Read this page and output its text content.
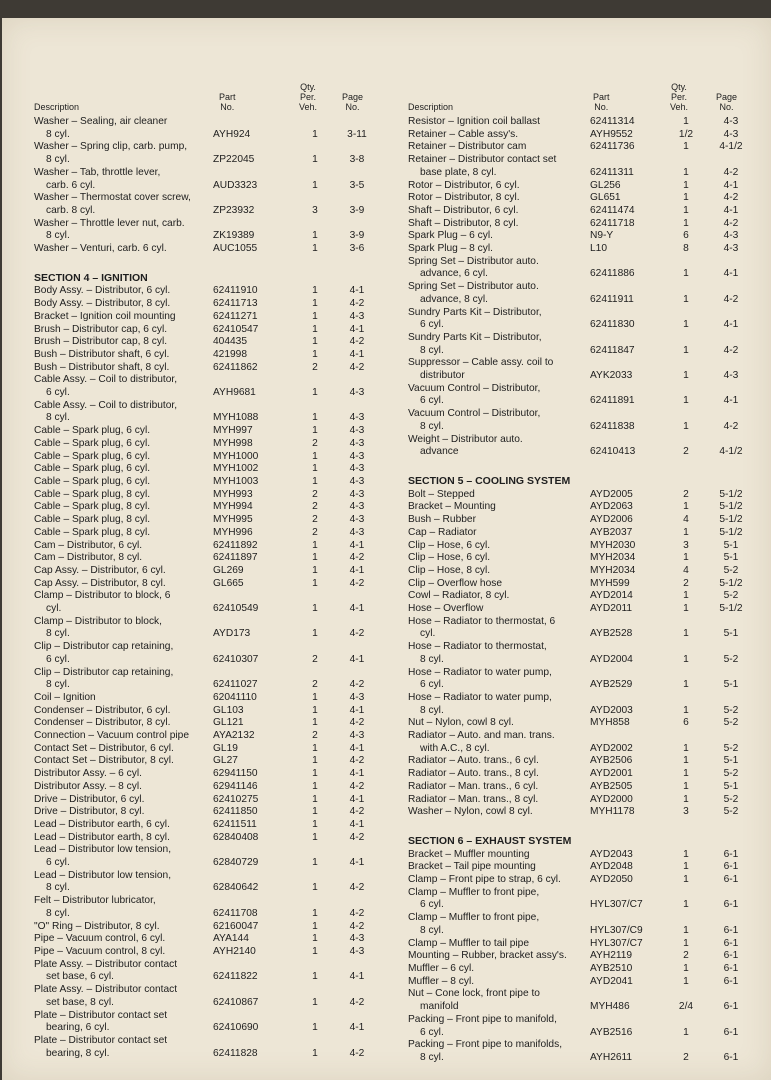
Description
Part
No.
Qty.
Per.
Veh.
Page
No.
Washer – Sealing, air cleaner
8 cyl.	AYH924	1	3-11
Washer – Spring clip, carb. pump,
8 cyl.	ZP22045	1	3-8
Washer – Tab, throttle lever,
carb. 6 cyl.	AUD3323	1	3-5
Washer – Thermostat cover screw,
carb. 8 cyl.	ZP23932	3	3-9
Washer – Throttle lever nut, carb.
8 cyl.	ZK19389	1	3-9
Washer – Venturi, carb. 6 cyl.	AUC1055	1	3-6
SECTION 4 – IGNITION
Body Assy. – Distributor, 6 cyl.	62411910	1	4-1
Body Assy. – Distributor, 8 cyl.	62411713	1	4-2
Bracket – Ignition coil mounting	62411271	1	4-3
Brush – Distributor cap, 6 cyl.	62410547	1	4-1
Brush – Distributor cap, 8 cyl.	404435	1	4-2
Bush – Distributor shaft, 6 cyl.	421998	1	4-1
Bush – Distributor shaft, 8 cyl.	62411862	2	4-2
Cable Assy. – Coil to distributor,
6 cyl.	AYH9681	1	4-3
Cable Assy. – Coil to distributor,
8 cyl.	MYH1088	1	4-3
Cable – Spark plug, 6 cyl.	MYH997	1	4-3
Cable – Spark plug, 6 cyl.	MYH998	2	4-3
Cable – Spark plug, 6 cyl.	MYH1000	1	4-3
Cable – Spark plug, 6 cyl.	MYH1002	1	4-3
Cable – Spark plug, 6 cyl.	MYH1003	1	4-3
Cable – Spark plug, 8 cyl.	MYH993	2	4-3
Cable – Spark plug, 8 cyl.	MYH994	2	4-3
Cable – Spark plug, 8 cyl.	MYH995	2	4-3
Cable – Spark plug, 8 cyl.	MYH996	2	4-3
Cam – Distributor, 6 cyl.	62411892	1	4-1
Cam – Distributor, 8 cyl.	62411897	1	4-2
Cap Assy. – Distributor, 6 cyl.	GL269	1	4-1
Cap Assy. – Distributor, 8 cyl.	GL665	1	4-2
Clamp – Distributor to block, 6
cyl.	62410549	1	4-1
Clamp – Distributor to block,
8 cyl.	AYD173	1	4-2
Clip – Distributor cap retaining,
6 cyl.	62410307	2	4-1
Clip – Distributor cap retaining,
8 cyl.	62411027	2	4-2
Coil – Ignition	62041110	1	4-3
Condenser – Distributor, 6 cyl.	GL103	1	4-1
Condenser – Distributor, 8 cyl.	GL121	1	4-2
Connection – Vacuum control pipe AYA2132	2	4-3
Contact Set – Distributor, 6 cyl.	GL19	1	4-1
Contact Set – Distributor, 8 cyl.	GL27	1	4-2
Distributor Assy. – 6 cyl.	62941150	1	4-1
Distributor Assy. – 8 cyl.	62941146	1	4-2
Drive – Distributor, 6 cyl.	62410275	1	4-1
Drive – Distributor, 8 cyl.	62411850	1	4-2
Lead – Distributor earth, 6 cyl.	62411511	1	4-1
Lead – Distributor earth, 8 cyl.	62840408	1	4-2
Lead – Distributor low tension,
6 cyl.	62840729	1	4-1
Lead – Distributor low tension,
8 cyl.	62840642	1	4-2
Felt – Distributor lubricator,
8 cyl.	62411708	1	4-2
"O" Ring – Distributor, 8 cyl.	62160047	1	4-2
Pipe – Vacuum control, 6 cyl.	AYA144	1	4-3
Pipe – Vacuum control, 8 cyl.	AYH2140	1	4-3
Plate Assy. – Distributor contact
set base, 6 cyl.	62411822	1	4-1
Plate Assy. – Distributor contact
set base, 8 cyl.	62410867	1	4-2
Plate – Distributor contact set
bearing, 6 cyl.	62410690	1	4-1
Plate – Distributor contact set
bearing, 8 cyl.	62411828	1	4-2
Description
Part
No.
Qty.
Per.
Veh.
Page
No.
Resistor – Ignition coil ballast	62411314	1	4-3
Retainer – Cable assy's.	AYH9552	1/2	4-3
Retainer – Distributor cam	62411736	1	4-1/2
Retainer – Distributor contact set
base plate, 8 cyl.	62411311	1	4-2
Rotor – Distributor, 6 cyl.	GL256	1	4-1
Rotor – Distributor, 8 cyl.	GL651	1	4-2
Shaft – Distributor, 6 cyl.	62411474	1	4-1
Shaft – Distributor, 8 cyl.	62411718	1	4-2
Spark Plug – 6 cyl.	N9-Y	6	4-3
Spark Plug – 8 cyl.	L10	8	4-3
Spring Set – Distributor auto.
advance, 6 cyl.	62411886	1	4-1
Spring Set – Distributor auto.
advance, 8 cyl.	62411911	1	4-2
Sundry Parts Kit – Distributor,
6 cyl.	62411830	1	4-1
Sundry Parts Kit – Distributor,
8 cyl.	62411847	1	4-2
Suppressor – Cable assy. coil to
distributor	AYK2033	1	4-3
Vacuum Control – Distributor,
6 cyl.	62411891	1	4-1
Vacuum Control – Distributor,
8 cyl.	62411838	1	4-2
Weight – Distributor auto.
advance	62410413	2	4-1/2
SECTION 5 – COOLING SYSTEM
Bolt – Stepped	AYD2005	2	5-1/2
Bracket – Mounting	AYD2063	1	5-1/2
Bush – Rubber	AYD2006	4	5-1/2
Cap – Radiator	AYB2037	1	5-1/2
Clip – Hose, 6 cyl.	MYH2030	3	5-1
Clip – Hose, 6 cyl.	MYH2034	1	5-1
Clip – Hose, 8 cyl.	MYH2034	4	5-2
Clip – Overflow hose	MYH599	2	5-1/2
Cowl – Radiator, 8 cyl.	AYD2014	1	5-2
Hose – Overflow	AYD2011	1	5-1/2
Hose – Radiator to thermostat, 6
cyl.	AYB2528	1	5-1
Hose – Radiator to thermostat,
8 cyl.	AYD2004	1	5-2
Hose – Radiator to water pump,
6 cyl.	AYB2529	1	5-1
Hose – Radiator to water pump,
8 cyl.	AYD2003	1	5-2
Nut – Nylon, cowl 8 cyl.	MYH858	6	5-2
Radiator – Auto. and man. trans.
with A.C., 8 cyl.	AYD2002	1	5-2
Radiator – Auto. trans., 6 cyl.	AYB2506	1	5-1
Radiator – Auto. trans., 8 cyl.	AYD2001	1	5-2
Radiator – Man. trans., 6 cyl.	AYB2505	1	5-1
Radiator – Man. trans., 8 cyl.	AYD2000	1	5-2
Washer – Nylon, cowl 8 cyl.	MYH1178	3	5-2
SECTION 6 – EXHAUST SYSTEM
Bracket – Muffler mounting	AYD2043	1	6-1
Bracket – Tail pipe mounting	AYD2048	1	6-1
Clamp – Front pipe to strap, 6 cyl.	AYD2050	1	6-1
Clamp – Muffler to front pipe,
6 cyl.	HYL307/C7	1	6-1
Clamp – Muffler to front pipe,
8 cyl.	HYL307/C9	1	6-1
Clamp – Muffler to tail pipe	HYL307/C7	1	6-1
Mounting – Rubber, bracket assy's. AYH2119	2	6-1
Muffler – 6 cyl.	AYB2510	1	6-1
Muffler – 8 cyl.	AYD2041	1	6-1
Nut – Cone lock, front pipe to
manifold	MYH486	2/4	6-1
Packing – Front pipe to manifold,
6 cyl.	AYB2516	1	6-1
Packing – Front pipe to manifolds,
8 cyl.	AYH2611	2	6-1
